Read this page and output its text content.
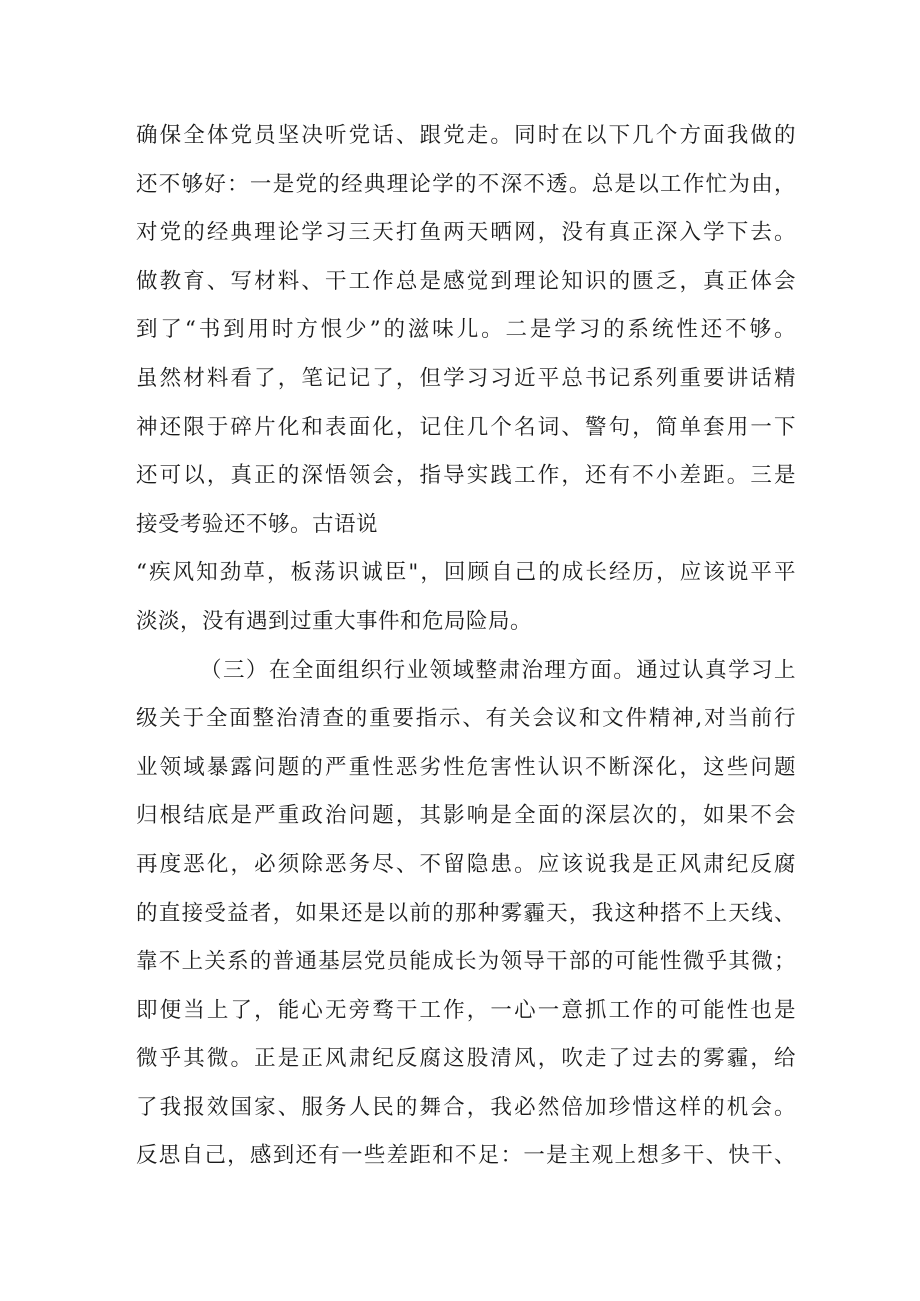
确保全体党员坚决听党话、跟党走。同时在以下几个方面我做的
还不够好：一是党的经典理论学的不深不透。总是以工作忙为由，
对党的经典理论学习三天打鱼两天晒网，没有真正深入学下去。
做教育、写材料、干工作总是感觉到理论知识的匮乏，真正体会
到了“书到用时方恨少”的滋味儿。二是学习的系统性还不够。
虽然材料看了，笔记记了，但学习习近平总书记系列重要讲话精
神还限于碎片化和表面化，记住几个名词、警句，简单套用一下
还可以，真正的深悟领会，指导实践工作，还有不小差距。三是
接受考验还不够。古语说
“疾风知劲草，板荡识诚臣"，回顾自己的成长经历，应该说平平
淡淡，没有遇到过重大事件和危局险局。
（三）在全面组织行业领域整肃治理方面。通过认真学习上
级关于全面整治清查的重要指示、有关会议和文件精神,对当前行
业领域暴露问题的严重性恶劣性危害性认识不断深化，这些问题
归根结底是严重政治问题，其影响是全面的深层次的，如果不会
再度恶化，必须除恶务尽、不留隐患。应该说我是正风肃纪反腐
的直接受益者，如果还是以前的那种雾霾天，我这种搭不上天线、
靠不上关系的普通基层党员能成长为领导干部的可能性微乎其微；
即便当上了，能心无旁骛干工作，一心一意抓工作的可能性也是
微乎其微。正是正风肃纪反腐这股清风，吹走了过去的雾霾，给
了我报效国家、服务人民的舞合，我必然倍加珍惜这样的机会。
反思自己，感到还有一些差距和不足：一是主观上想多干、快干、
